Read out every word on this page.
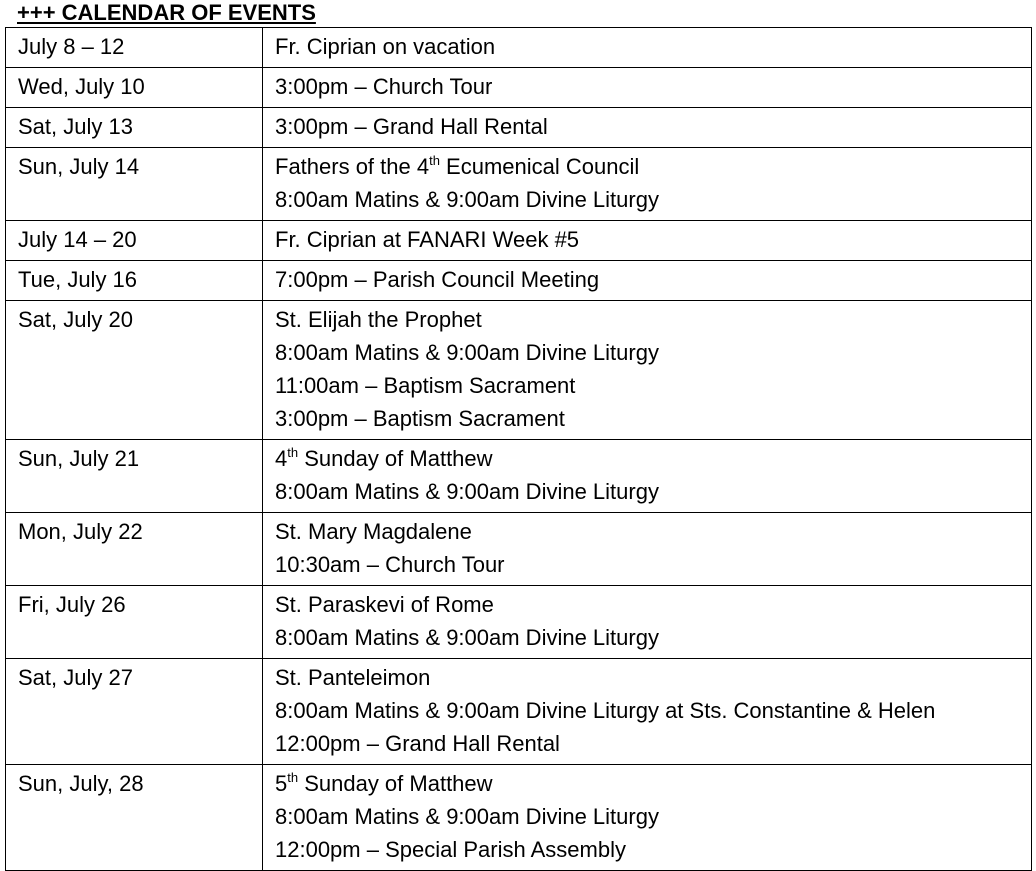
+++ CALENDAR OF EVENTS
July 8 – 12	Fr. Ciprian on vacation

Wed, July 10	3:00pm – Church Tour

Sat, July 13	3:00pm – Grand Hall Rental

Sun, July 14	Fathers of the 4th Ecumenical Council
8:00am Matins & 9:00am Divine Liturgy

July 14 – 20	Fr. Ciprian at FANARI Week #5

Tue, July 16	7:00pm – Parish Council Meeting

Sat, July 20	St. Elijah the Prophet
8:00am Matins & 9:00am Divine Liturgy
11:00am – Baptism Sacrament
3:00pm – Baptism Sacrament

Sun, July 21	4th Sunday of Matthew
8:00am Matins & 9:00am Divine Liturgy

Mon, July 22	St. Mary Magdalene
10:30am – Church Tour

Fri, July 26	St. Paraskevi of Rome
8:00am Matins & 9:00am Divine Liturgy

Sat, July 27	St. Panteleimon
8:00am Matins & 9:00am Divine Liturgy at Sts. Constantine & Helen
12:00pm – Grand Hall Rental

Sun, July, 28	5th Sunday of Matthew
8:00am Matins & 9:00am Divine Liturgy
12:00pm – Special Parish Assembly
